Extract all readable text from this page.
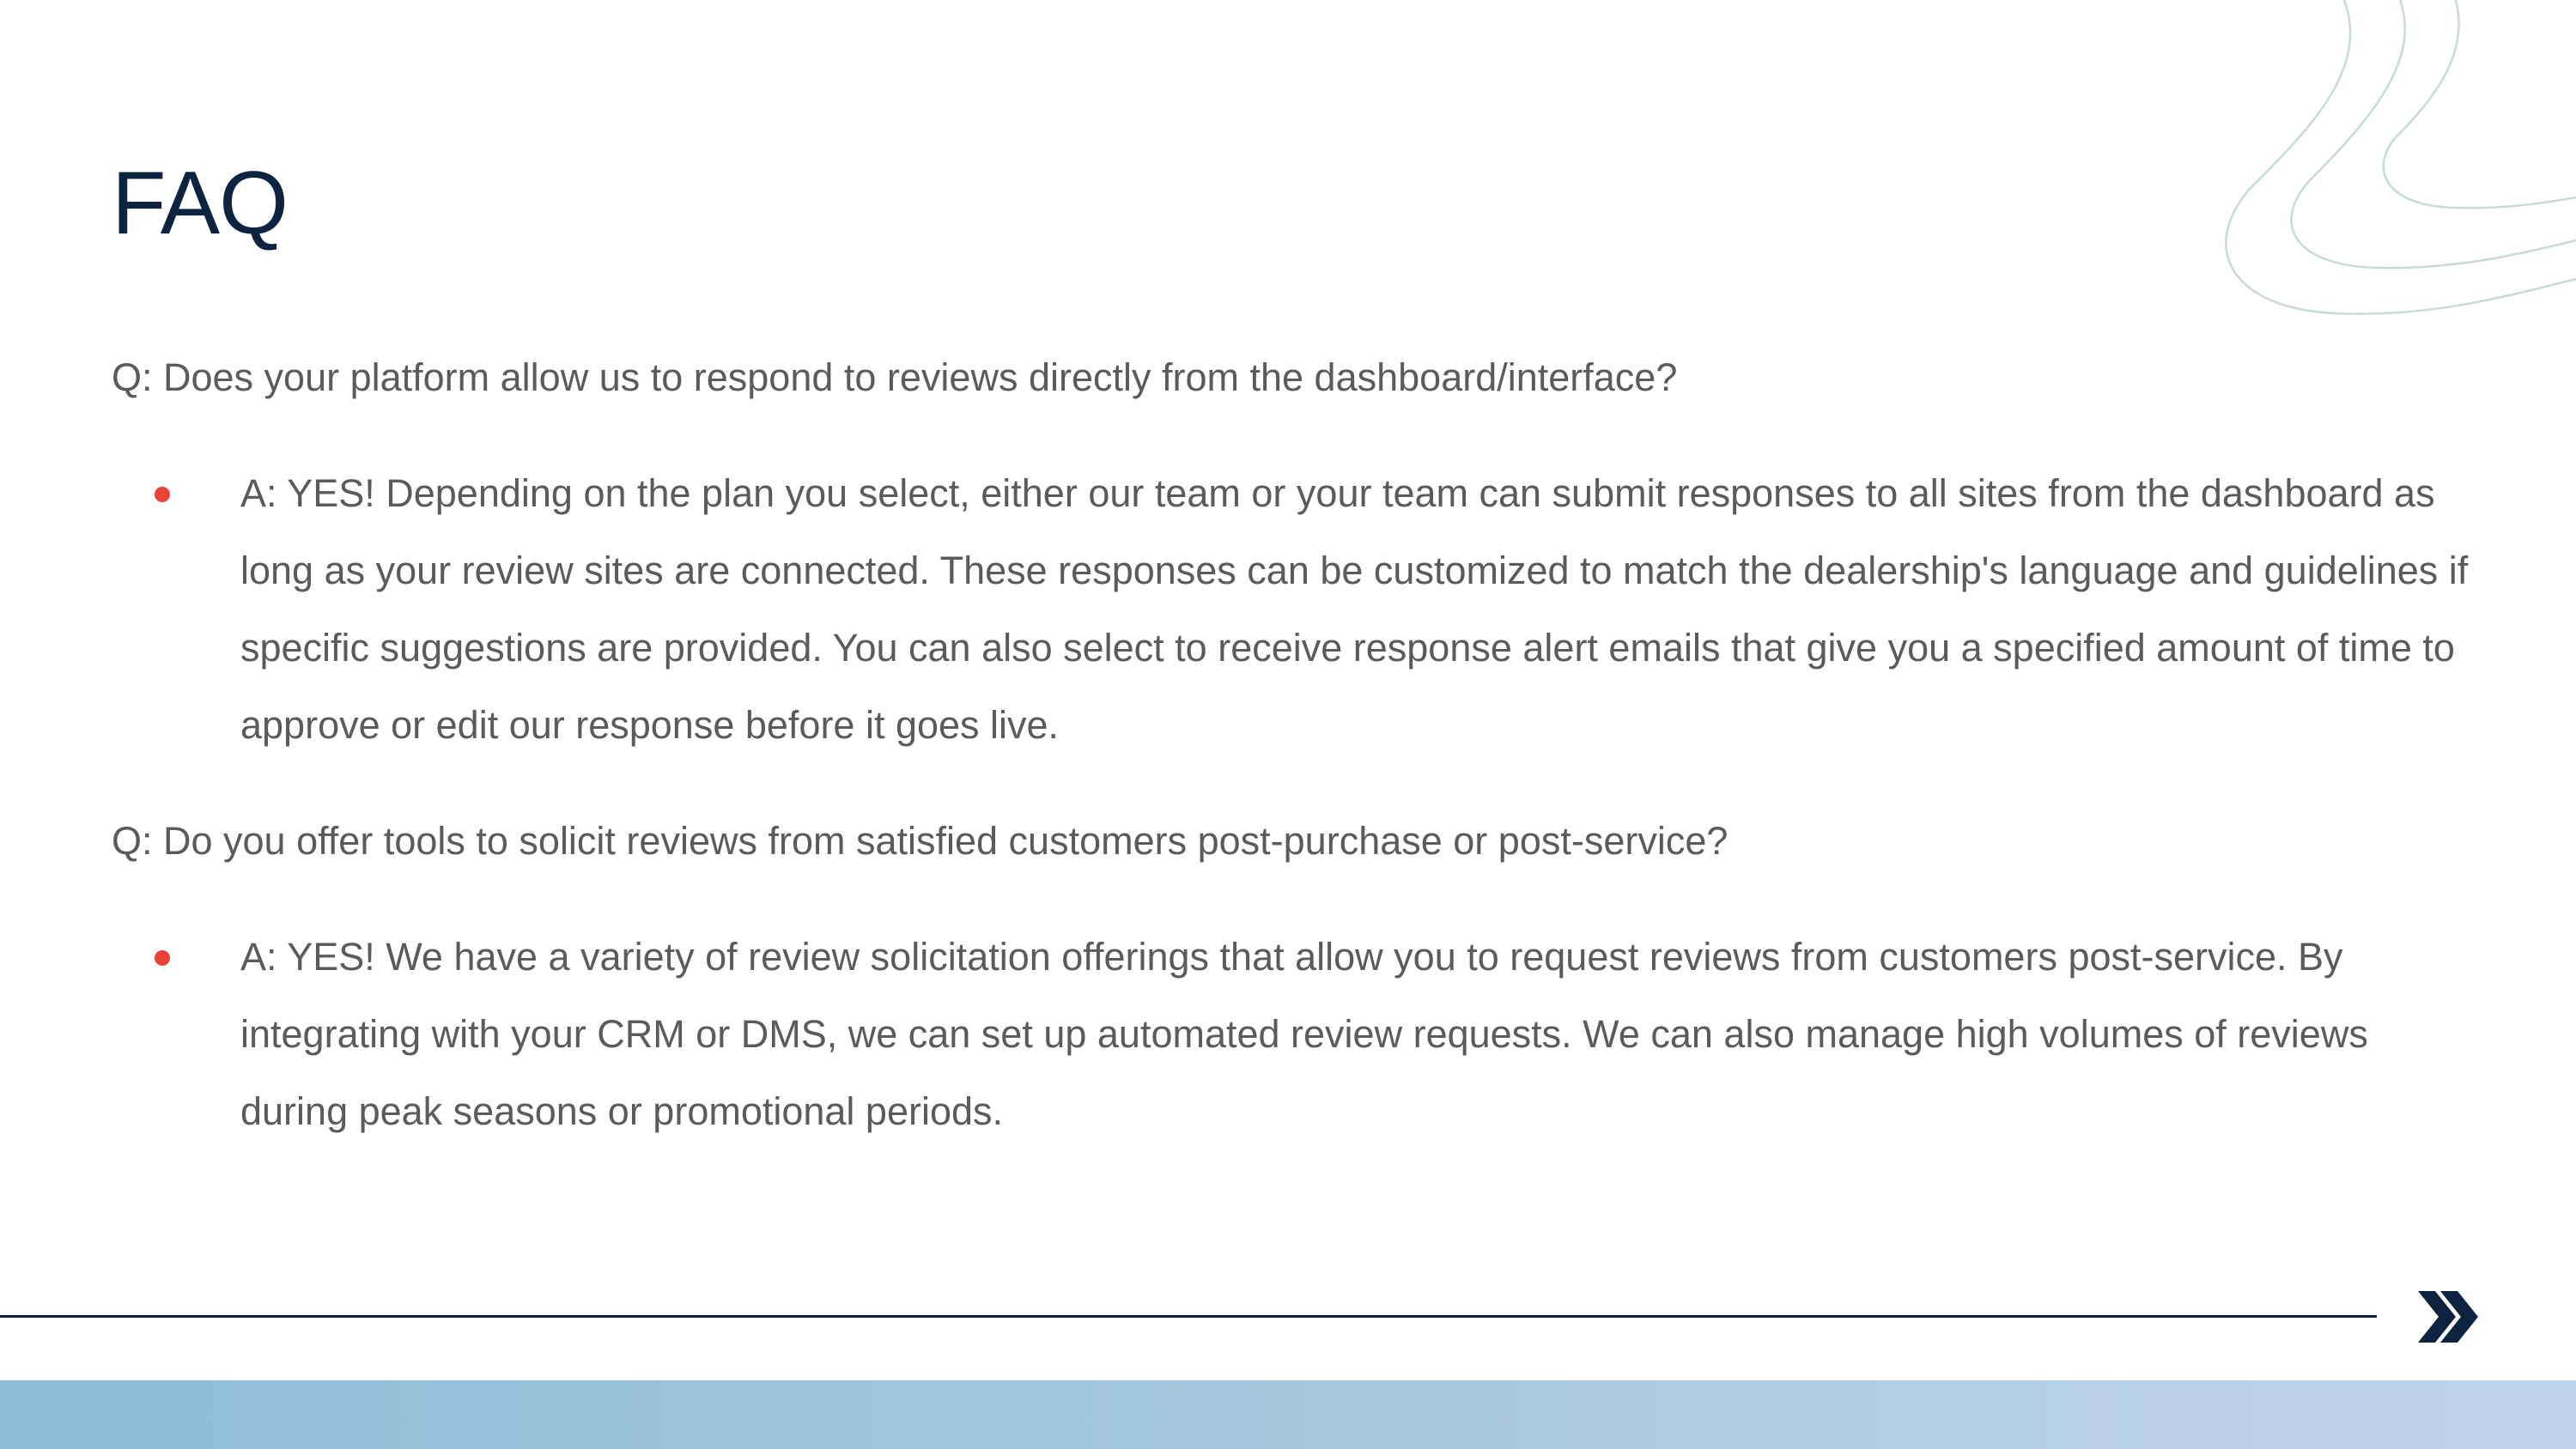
FAQ

Q: Does your platform allow us to respond to reviews directly from the dashboard/interface?

A: YES! Depending on the plan you select, either our team or your team can submit responses to all sites from the dashboard as long as your review sites are connected. These responses can be customized to match the dealership's language and guidelines if specific suggestions are provided. You can also select to receive response alert emails that give you a specified amount of time to approve or edit our response before it goes live.

Q: Do you offer tools to solicit reviews from satisfied customers post-purchase or post-service?

A: YES! We have a variety of review solicitation offerings that allow you to request reviews from customers post-service. By integrating with your CRM or DMS, we can set up automated review requests. We can also manage high volumes of reviews during peak seasons or promotional periods.
